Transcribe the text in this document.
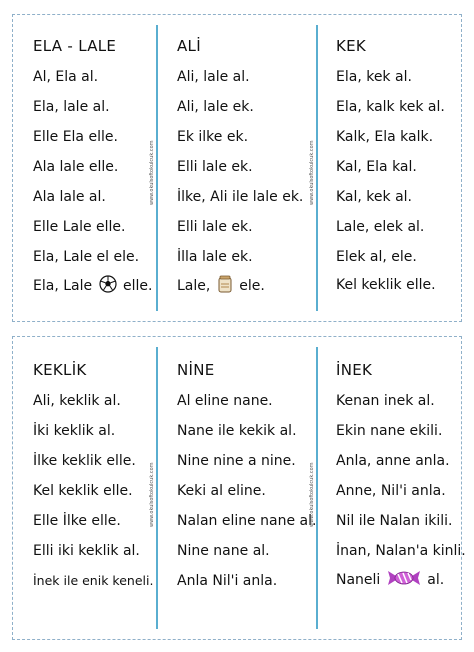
ELA - LALE
Al, Ela al.
Ela, lale al.
Elle Ela elle.
Ala lale elle.
Ala lale al.
Elle Lale elle.
Ela, Lale el ele.
Ela, Lale elle.
www.okulsoftokulcuk.com
ALİ
Ali, lale al.
Ali, lale ek.
Ek ilke ek.
Elli lale ek.
İlke, Ali ile lale ek.
Elli lale ek.
İlla lale ek.
Lale, ele.
www.okulsoftokulcuk.com
KEK
Ela, kek al.
Ela, kalk kek al.
Kalk, Ela kalk.
Kal, Ela kal.
Kal, kek al.
Lale, elek al.
Elek al, ele.
Kel keklik elle.
KEKLİK
Ali, keklik al.
İki keklik al.
İlke keklik elle.
Kel keklik elle.
Elle İlke elle.
Elli iki keklik al.
İnek ile enik keneli.
www.okulsoftokulcuk.com
NİNE
Al eline nane.
Nane ile kekik al.
Nine nine a nine.
Keki al eline.
Nalan eline nane al.
Nine nane al.
Anla Nil'i anla.
www.okulsoftokulcuk.com
İNEK
Kenan inek al.
Ekin nane ekili.
Anla, anne anla.
Anne, Nil'i anla.
Nil ile Nalan ikili.
İnan, Nalan'a kinli.
Naneli	al.
